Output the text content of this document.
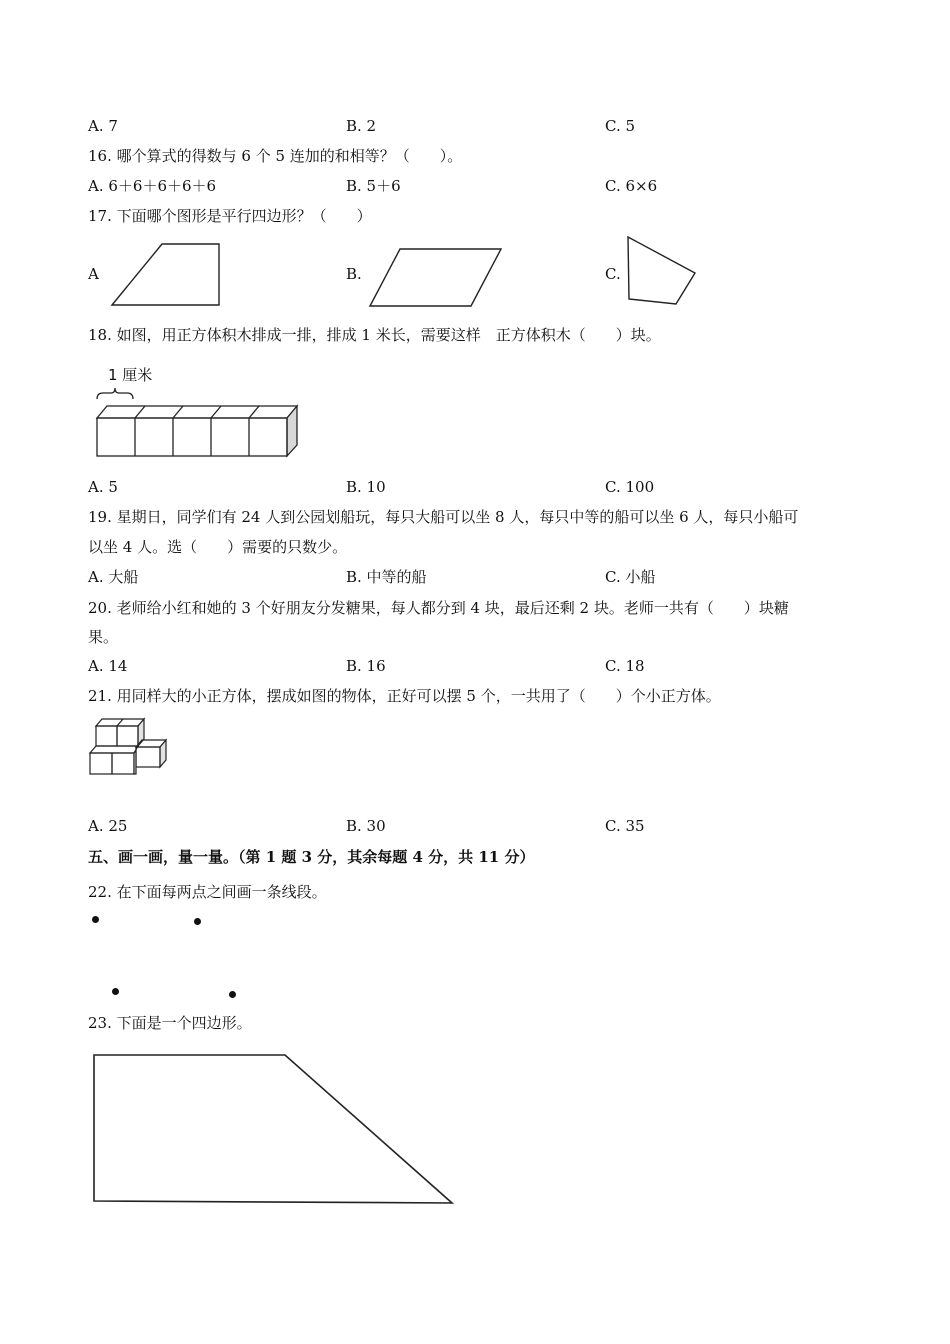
A. 7	B. 2	C. 5
16. 哪个算式的得数与 6 个 5 连加的和相等？（　　）。
A. 6＋6＋6＋6＋6	B. 5＋6	C. 6×6
17. 下面哪个图形是平行四边形？（　　）
A	B.	C.
18. 如图，用正方体积木排成一排，排成 1 米长，需要这样　正方体积木（　　）块。
1 厘米
A. 5	B. 10	C. 100
19. 星期日，同学们有 24 人到公园划船玩，每只大船可以坐 8 人，每只中等的船可以坐 6 人，每只小船可
以坐 4 人。选（　　）需要的只数少。
A. 大船	B. 中等的船	C. 小船
20. 老师给小红和她的 3 个好朋友分发糖果，每人都分到 4 块，最后还剩 2 块。老师一共有（　　）块糖
果。
A. 14	B. 16	C. 18
21. 用同样大的小正方体，摆成如图的物体，正好可以摆 5 个，一共用了（　　）个小正方体。
A. 25	B. 30	C. 35
五、画一画，量一量。（第 1 题 3 分，其余每题 4 分，共 11 分）
22. 在下面每两点之间画一条线段。
23. 下面是一个四边形。
